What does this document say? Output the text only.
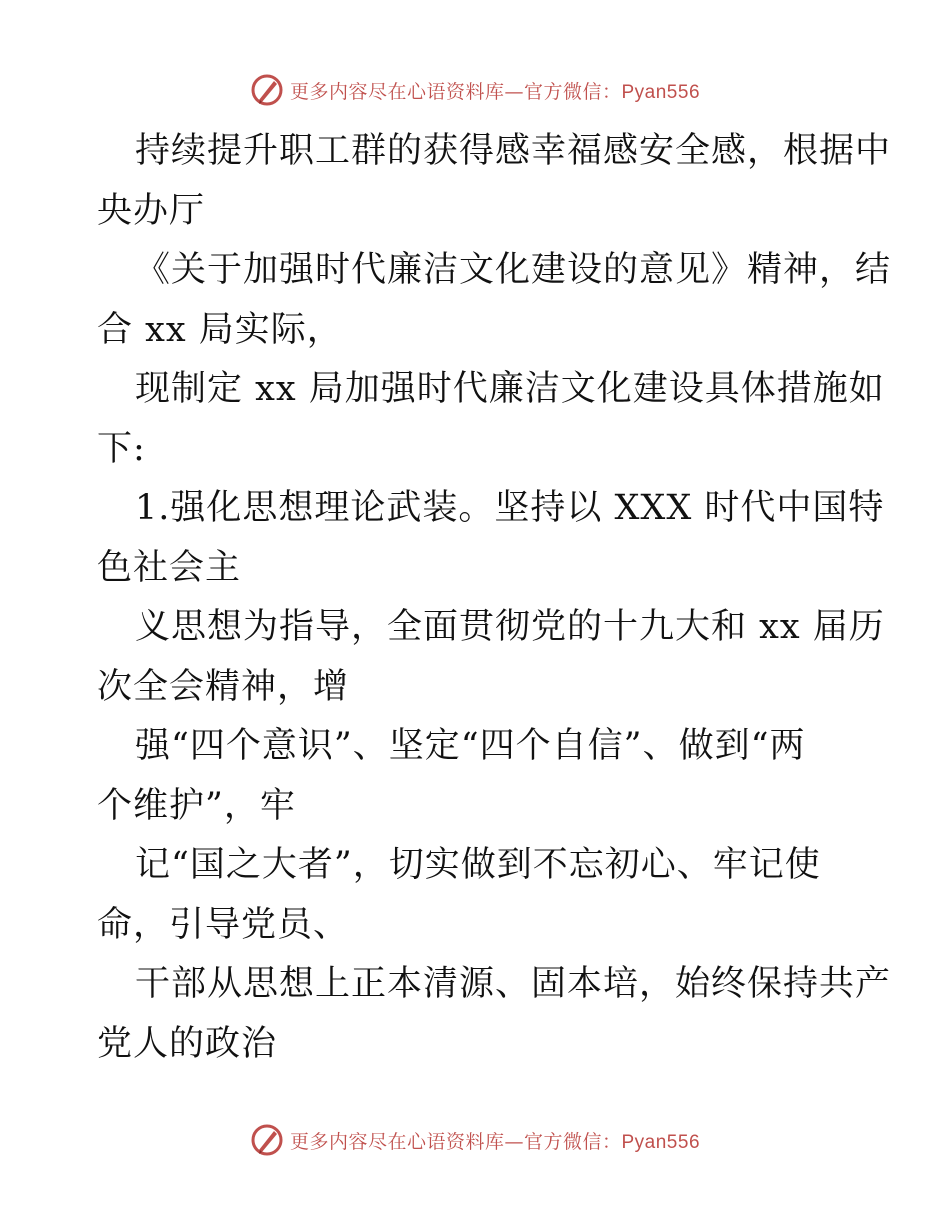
更多内容尽在心语资料库—官方微信：Pyan556
持续提升职工群的获得感幸福感安全感，根据中
央办厅
《关于加强时代廉洁文化建设的意见》精神，结
合 xx 局实际，
现制定 xx 局加强时代廉洁文化建设具体措施如
下:
1.强化思想理论武装。坚持以 XXX 时代中国特
色社会主
义思想为指导，全面贯彻党的十九大和 xx 届历
次全会精神，增
强“四个意识”、坚定“四个自信”、做到“两
个维护”，牢
记“国之大者”，切实做到不忘初心、牢记使
命，引导党员、
干部从思想上正本清源、固本培，始终保持共产
党人的政治
更多内容尽在心语资料库—官方微信：Pyan556
